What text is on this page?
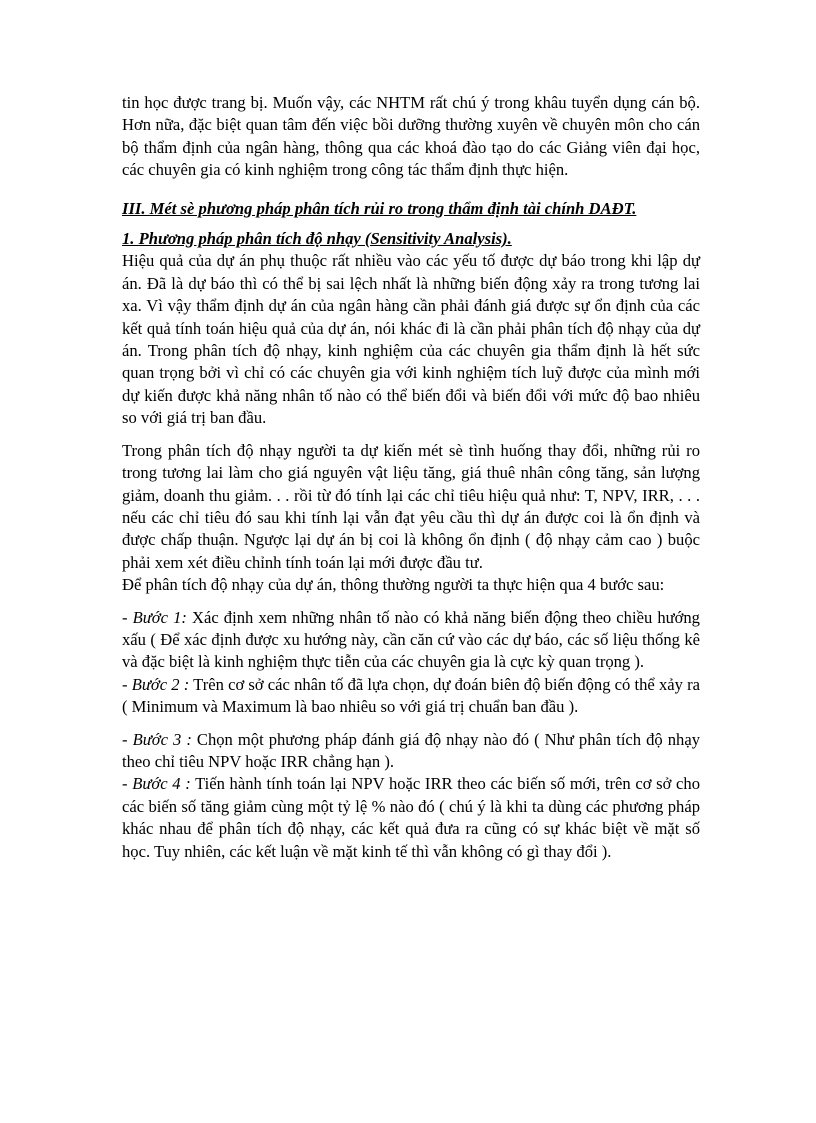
tin học được trang bị. Muốn vậy, các NHTM rất chú ý trong khâu tuyển dụng cán bộ. Hơn nữa, đặc biệt quan tâm đến việc bồi dưỡng thường xuyên về chuyên môn cho cán bộ thẩm định của ngân hàng, thông qua các khoá đào tạo do các Giảng viên đại học, các chuyên gia có kinh nghiệm trong công tác thẩm định thực hiện.

III. Mét sè phương pháp phân tích rủi ro trong thẩm định tài chính DAĐT.

1. Phương pháp phân tích độ nhạy (Sensitivity Analysis).

Hiệu quả của dự án phụ thuộc rất nhiều vào các yếu tố được dự báo trong khi lập dự án. Đã là dự báo thì có thể bị sai lệch nhất là những biến động xảy ra trong tương lai xa. Vì vậy thẩm định dự án của ngân hàng cần phải đánh giá được sự ổn định của các kết quả tính toán hiệu quả của dự án, nói khác đi là cần phải phân tích độ nhạy của dự án. Trong phân tích độ nhạy, kinh nghiệm của các chuyên gia thẩm định là hết sức quan trọng bởi vì chỉ có các chuyên gia với kinh nghiệm tích luỹ được của mình mới dự kiến được khả năng nhân tố nào có thể biến đổi và biến đổi với mức độ bao nhiêu so với giá trị ban đầu.

Trong phân tích độ nhạy người ta dự kiến mét sè tình huống thay đổi, những rủi ro trong tương lai làm cho giá nguyên vật liệu tăng, giá thuê nhân công tăng, sản lượng giảm, doanh thu giảm. . . rồi từ đó tính lại các chỉ tiêu hiệu quả như: T, NPV, IRR, . . . nếu các chỉ tiêu đó sau khi tính lại vẫn đạt yêu cầu thì dự án được coi là ổn định và được chấp thuận. Ngược lại dự án bị coi là không ổn định ( độ nhạy cảm cao ) buộc phải xem xét điều chỉnh tính toán lại mới được đầu tư.

Để phân tích độ nhạy của dự án, thông thường người ta thực hiện qua 4 bước sau:

- Bước 1: Xác định xem những nhân tố nào có khả năng biến động theo chiều hướng xấu ( Để xác định được xu hướng này, cần căn cứ vào các dự báo, các số liệu thống kê và đặc biệt là kinh nghiệm thực tiễn của các chuyên gia là cực kỳ quan trọng ).

- Bước 2 : Trên cơ sở các nhân tố đã lựa chọn, dự đoán biên độ biến động có thể xảy ra ( Minimum và Maximum là bao nhiêu so với giá trị chuẩn ban đầu ).

- Bước 3 : Chọn một phương pháp đánh giá độ nhạy nào đó ( Như phân tích độ nhạy theo chỉ tiêu NPV hoặc IRR chẳng hạn ).

- Bước 4 : Tiến hành tính toán lại NPV hoặc IRR theo các biến số mới, trên cơ sở cho các biến số tăng giảm cùng một tỷ lệ % nào đó ( chú ý là khi ta dùng các phương pháp khác nhau để phân tích độ nhạy, các kết quả đưa ra cũng có sự khác biệt về mặt số học. Tuy nhiên, các kết luận về mặt kinh tế thì vẫn không có gì thay đổi ).
